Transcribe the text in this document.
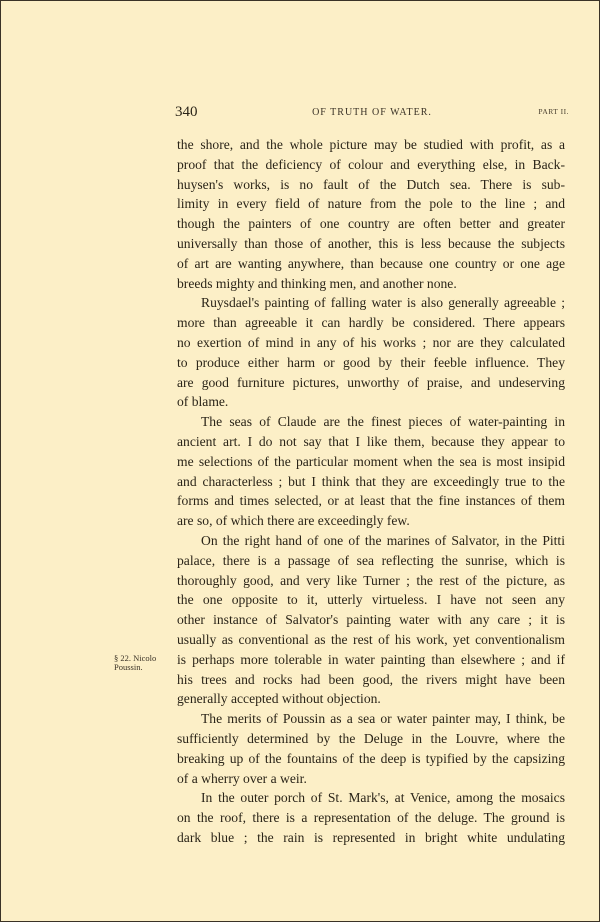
340	OF TRUTH OF WATER.	PART II.
§ 22. Nicolo
Poussin.
the shore, and the whole picture may be studied with profit, as a
proof that the deficiency of colour and everything else, in Back-
huysen's works, is no fault of the Dutch sea. There is sub-
limity in every field of nature from the pole to the line ; and
though the painters of one country are often better and greater
universally than those of another, this is less because the subjects
of art are wanting anywhere, than because one country or one age
breeds mighty and thinking men, and another none.
Ruysdael's painting of falling water is also generally agreeable ;
more than agreeable it can hardly be considered. There appears
no exertion of mind in any of his works ; nor are they calculated
to produce either harm or good by their feeble influence. They
are good furniture pictures, unworthy of praise, and undeserving
of blame.
The seas of Claude are the finest pieces of water-painting in
ancient art. I do not say that I like them, because they appear to
me selections of the particular moment when the sea is most insipid
and characterless ; but I think that they are exceedingly true to the
forms and times selected, or at least that the fine instances of them
are so, of which there are exceedingly few.
On the right hand of one of the marines of Salvator, in the Pitti
palace, there is a passage of sea reflecting the sunrise, which is
thoroughly good, and very like Turner ; the rest of the picture, as
the one opposite to it, utterly virtueless. I have not seen any
other instance of Salvator's painting water with any care ; it is
usually as conventional as the rest of his work, yet conventionalism
is perhaps more tolerable in water painting than elsewhere ; and if
his trees and rocks had been good, the rivers might have been
generally accepted without objection.
The merits of Poussin as a sea or water painter may, I think, be
sufficiently determined by the Deluge in the Louvre, where the
breaking up of the fountains of the deep is typified by the capsizing
of a wherry over a weir.
In the outer porch of St. Mark's, at Venice, among the mosaics
on the roof, there is a representation of the deluge. The ground is
dark blue ; the rain is represented in bright white undulating
